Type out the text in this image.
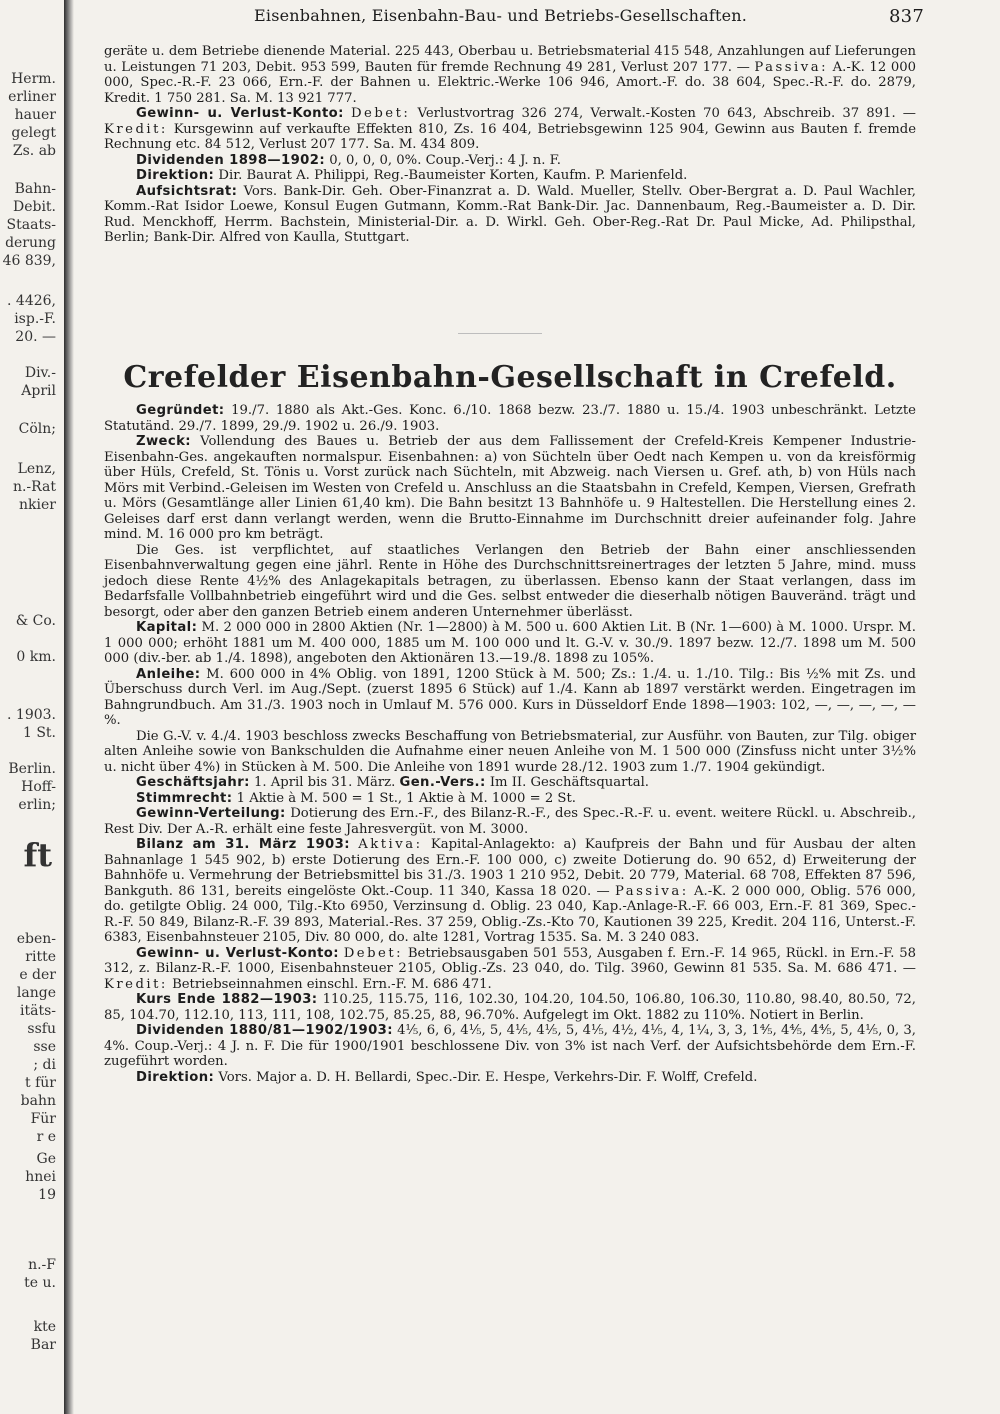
Herm.
erliner
hauer
gelegt
Zs. ab
Bahn-
Debit.
Staats-
derung
46 839,
. 4426,
isp.-F.
20. —
Div.-
April
Cöln;
Lenz,
n.-Rat
nkier
& Co.
0 km.
. 1903.
1 St.
Berlin.
Hoff-
erlin;
ft
eben-
ritte
e der
lange
itäts-
ssfu
sse
; di
t für
bahn
Für
r e
Ge
hnei
19
n.-F
te u.
kte
Bar
Eisenbahnen, Eisenbahn-Bau- und Betriebs-Gesellschaften.	837

geräte u. dem Betriebe dienende Material. 225 443, Oberbau u. Betriebsmaterial 415 548, Anzahlungen auf Lieferungen u. Leistungen 71 203, Debit. 953 599, Bauten für fremde Rechnung 49 281, Verlust 207 177. — Passiva: A.-K. 12 000 000, Spec.-R.-F. 23 066, Ern.-F. der Bahnen u. Elektric.-Werke 106 946, Amort.-F. do. 38 604, Spec.-R.-F. do. 2879, Kredit. 1 750 281. Sa. M. 13 921 777.

Gewinn- u. Verlust-Konto: Debet: Verlustvortrag 326 274, Verwalt.-Kosten 70 643, Abschreib. 37 891. — Kredit: Kursgewinn auf verkaufte Effekten 810, Zs. 16 404, Betriebsgewinn 125 904, Gewinn aus Bauten f. fremde Rechnung etc. 84 512, Verlust 207 177. Sa. M. 434 809.

Dividenden 1898—1902: 0, 0, 0, 0, 0%. Coup.-Verj.: 4 J. n. F.

Direktion: Dir. Baurat A. Philippi, Reg.-Baumeister Korten, Kaufm. P. Marienfeld.

Aufsichtsrat: Vors. Bank-Dir. Geh. Ober-Finanzrat a. D. Wald. Mueller, Stellv. Ober-Bergrat a. D. Paul Wachler, Komm.-Rat Isidor Loewe, Konsul Eugen Gutmann, Komm.-Rat Bank-Dir. Jac. Dannenbaum, Reg.-Baumeister a. D. Dir. Rud. Menckhoff, Herrm. Bachstein, Ministerial-Dir. a. D. Wirkl. Geh. Ober-Reg.-Rat Dr. Paul Micke, Ad. Philipsthal, Berlin; Bank-Dir. Alfred von Kaulla, Stuttgart.

Crefelder Eisenbahn-Gesellschaft in Crefeld.

Gegründet: 19./7. 1880 als Akt.-Ges. Konc. 6./10. 1868 bezw. 23./7. 1880 u. 15./4. 1903 unbeschränkt. Letzte Statutänd. 29./7. 1899, 29./9. 1902 u. 26./9. 1903.

Zweck: Vollendung des Baues u. Betrieb der aus dem Fallissement der Crefeld-Kreis Kempener Industrie-Eisenbahn-Ges. angekauften normalspur. Eisenbahnen: a) von Süchteln über Oedt nach Kempen u. von da kreisförmig über Hüls, Crefeld, St. Tönis u. Vorst zurück nach Süchteln, mit Abzweig. nach Viersen u. Gref. ath, b) von Hüls nach Mörs mit Verbind.-Geleisen im Westen von Crefeld u. Anschluss an die Staatsbahn in Crefeld, Kempen, Viersen, Grefrath u. Mörs (Gesamtlänge aller Linien 61,40 km). Die Bahn besitzt 13 Bahnhöfe u. 9 Haltestellen. Die Herstellung eines 2. Geleises darf erst dann verlangt werden, wenn die Brutto-Einnahme im Durchschnitt dreier aufeinander folg. Jahre mind. M. 16 000 pro km beträgt.

Die Ges. ist verpflichtet, auf staatliches Verlangen den Betrieb der Bahn einer anschliessenden Eisenbahnverwaltung gegen eine jährl. Rente in Höhe des Durchschnittsreinertrages der letzten 5 Jahre, mind. muss jedoch diese Rente 4½% des Anlagekapitals betragen, zu überlassen. Ebenso kann der Staat verlangen, dass im Bedarfsfalle Vollbahnbetrieb eingeführt wird und die Ges. selbst entweder die dieserhalb nötigen Bauveränd. trägt und besorgt, oder aber den ganzen Betrieb einem anderen Unternehmer überlässt.

Kapital: M. 2 000 000 in 2800 Aktien (Nr. 1—2800) à M. 500 u. 600 Aktien Lit. B (Nr. 1—600) à M. 1000. Urspr. M. 1 000 000; erhöht 1881 um M. 400 000, 1885 um M. 100 000 und lt. G.-V. v. 30./9. 1897 bezw. 12./7. 1898 um M. 500 000 (div.-ber. ab 1./4. 1898), angeboten den Aktionären 13.—19./8. 1898 zu 105%.

Anleihe: M. 600 000 in 4% Oblig. von 1891, 1200 Stück à M. 500; Zs.: 1./4. u. 1./10. Tilg.: Bis ½% mit Zs. und Überschuss durch Verl. im Aug./Sept. (zuerst 1895 6 Stück) auf 1./4. Kann ab 1897 verstärkt werden. Eingetragen im Bahngrundbuch. Am 31./3. 1903 noch in Umlauf M. 576 000. Kurs in Düsseldorf Ende 1898—1903: 102, —, —, —, —, —%.

Die G.-V. v. 4./4. 1903 beschloss zwecks Beschaffung von Betriebsmaterial, zur Ausführ. von Bauten, zur Tilg. obiger alten Anleihe sowie von Bankschulden die Aufnahme einer neuen Anleihe von M. 1 500 000 (Zinsfuss nicht unter 3½% u. nicht über 4%) in Stücken à M. 500. Die Anleihe von 1891 wurde 28./12. 1903 zum 1./7. 1904 gekündigt.

Geschäftsjahr: 1. April bis 31. März. Gen.-Vers.: Im II. Geschäftsquartal.

Stimmrecht: 1 Aktie à M. 500 = 1 St., 1 Aktie à M. 1000 = 2 St.

Gewinn-Verteilung: Dotierung des Ern.-F., des Bilanz-R.-F., des Spec.-R.-F. u. event. weitere Rückl. u. Abschreib., Rest Div. Der A.-R. erhält eine feste Jahresvergüt. von M. 3000.

Bilanz am 31. März 1903: Aktiva: Kapital-Anlagekto: a) Kaufpreis der Bahn und für Ausbau der alten Bahnanlage 1 545 902, b) erste Dotierung des Ern.-F. 100 000, c) zweite Dotierung do. 90 652, d) Erweiterung der Bahnhöfe u. Vermehrung der Betriebsmittel bis 31./3. 1903 1 210 952, Debit. 20 779, Material. 68 708, Effekten 87 596, Bankguth. 86 131, bereits eingelöste Okt.-Coup. 11 340, Kassa 18 020. — Passiva: A.-K. 2 000 000, Oblig. 576 000, do. getilgte Oblig. 24 000, Tilg.-Kto 6950, Verzinsung d. Oblig. 23 040, Kap.-Anlage-R.-F. 66 003, Ern.-F. 81 369, Spec.-R.-F. 50 849, Bilanz-R.-F. 39 893, Material.-Res. 37 259, Oblig.-Zs.-Kto 70, Kautionen 39 225, Kredit. 204 116, Unterst.-F. 6383, Eisenbahnsteuer 2105, Div. 80 000, do. alte 1281, Vortrag 1535. Sa. M. 3 240 083.

Gewinn- u. Verlust-Konto: Debet: Betriebsausgaben 501 553, Ausgaben f. Ern.-F. 14 965, Rückl. in Ern.-F. 58 312, z. Bilanz-R.-F. 1000, Eisenbahnsteuer 2105, Oblig.-Zs. 23 040, do. Tilg. 3960, Gewinn 81 535. Sa. M. 686 471. — Kredit: Betriebseinnahmen einschl. Ern.-F. M. 686 471.

Kurs Ende 1882—1903: 110.25, 115.75, 116, 102.30, 104.20, 104.50, 106.80, 106.30, 110.80, 98.40, 80.50, 72, 85, 104.70, 112.10, 113, 111, 108, 102.75, 85.25, 88, 96.70%. Aufgelegt im Okt. 1882 zu 110%. Notiert in Berlin.

Dividenden 1880/81—1902/1903: 4⅕, 6, 6, 4⅕, 5, 4⅕, 4⅕, 5, 4⅕, 4½, 4⅕, 4, 1¼, 3, 3, 1⅘, 4⅘, 4⅘, 5, 4⅕, 0, 3, 4%. Coup.-Verj.: 4 J. n. F. Die für 1900/1901 beschlossene Div. von 3% ist nach Verf. der Aufsichtsbehörde dem Ern.-F. zugeführt worden.

Direktion: Vors. Major a. D. H. Bellardi, Spec.-Dir. E. Hespe, Verkehrs-Dir. F. Wolff, Crefeld.
